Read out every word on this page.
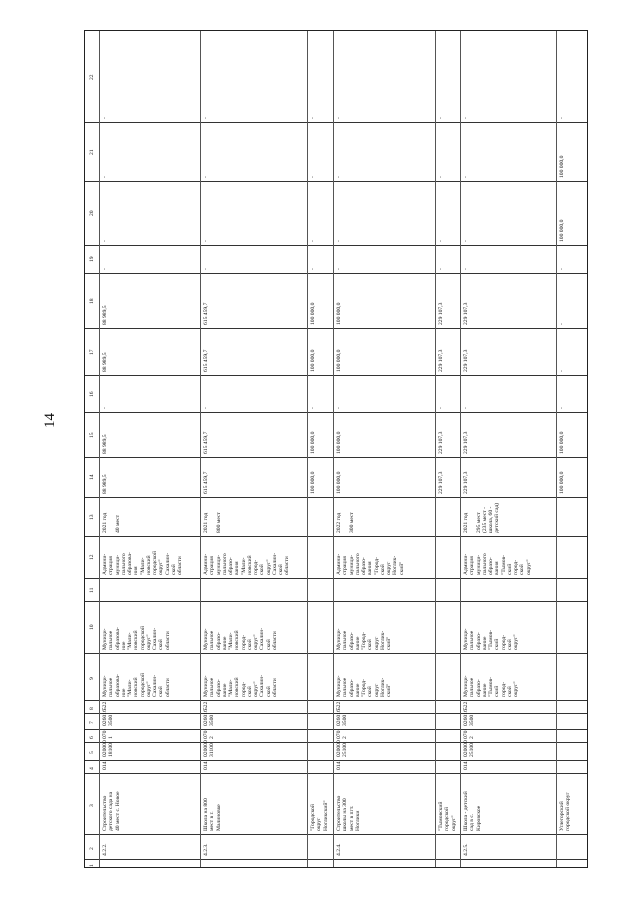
14
1
2
3
4
5
6
7
8
9
10
11
12
13
14
15
16
17
18
19
20
21
22
4.2.2.
Строительство детского сада на 40 мест с. Новое
014
020000 18100
070 1
026016 3500
522
Муници- пальное образова- ние "Мали- новский городской округ" Сахалин- ской области
Муници- пальное образова- ние "Мали- новский городской округ" Сахалин- ской области
Админи- страция муници- пального образова- ния "Мали- новский городской округ" Сахалин- ской области
2021 год
40 мест
88 989,5
88 989,5
-
88 989,5
88 989,5
-
-
-
-
4.2.3.
Школа на 800 мест в г. Малиновке
014
020000 31100
070 2
026016 3500
522
Муници- пальное образо- вание "Мали- новский город- ской округ" Сахалин- ской области
Муници- пальное образо- вание "Мали- новский город- ской округ" Сахалин- ской области
Админи- страция муници- пального образо- вания "Мали- новский город- ской округ" Сахалин- ской области
2021 год
800 мест
615 459,7
615 459,7
-
615 459,7
615 459,7
-
-
-
-
"Городской округ Ногликский"
100 000,0
100 000,0
-
100 000,0
100 000,0
-
-
-
-
4.2.4.
Строительство школы на 300 мест в пгт. Ноглики
014
020000 25100
070 2
026016 3500
522
Муници- пальное образо- вание "Город- ской округ Ноглик- ский"
Муници- пальное образо- вание "Город- ской округ Ноглик- ский"
Админи- страция муници- пального образо- вания "Город- ской округ Ноглик- ский"
2022 год
300 мест
100 000,0
100 000,0
-
100 000,0
100 000,0
-
-
-
-
"Тымовский городской округ"
229 107,3
229 107,3
-
229 107,3
229 107,3
-
-
-
-
4.2.5.
Школа - детский сад в с. Кировское
014
020000 25100
070 2
026016 3500
522
Муници- пальное образо- вание "Тымов- ский город- ской округ"
Муници- пальное образо- вание "Тымов- ский город- ской округ"
Админи- страция муници- пального образо- вания "Тымов- ский город- ской округ"
2021 год
295 мест (235 мест - школа, 60 - детский сад)
229 107,3
229 107,3
-
229 107,3
229 107,3
-
-
-
-
Углегорский городской округ
100 000,0
100 000,0
-
-
-
-
100 000,0
100 000,0
-
